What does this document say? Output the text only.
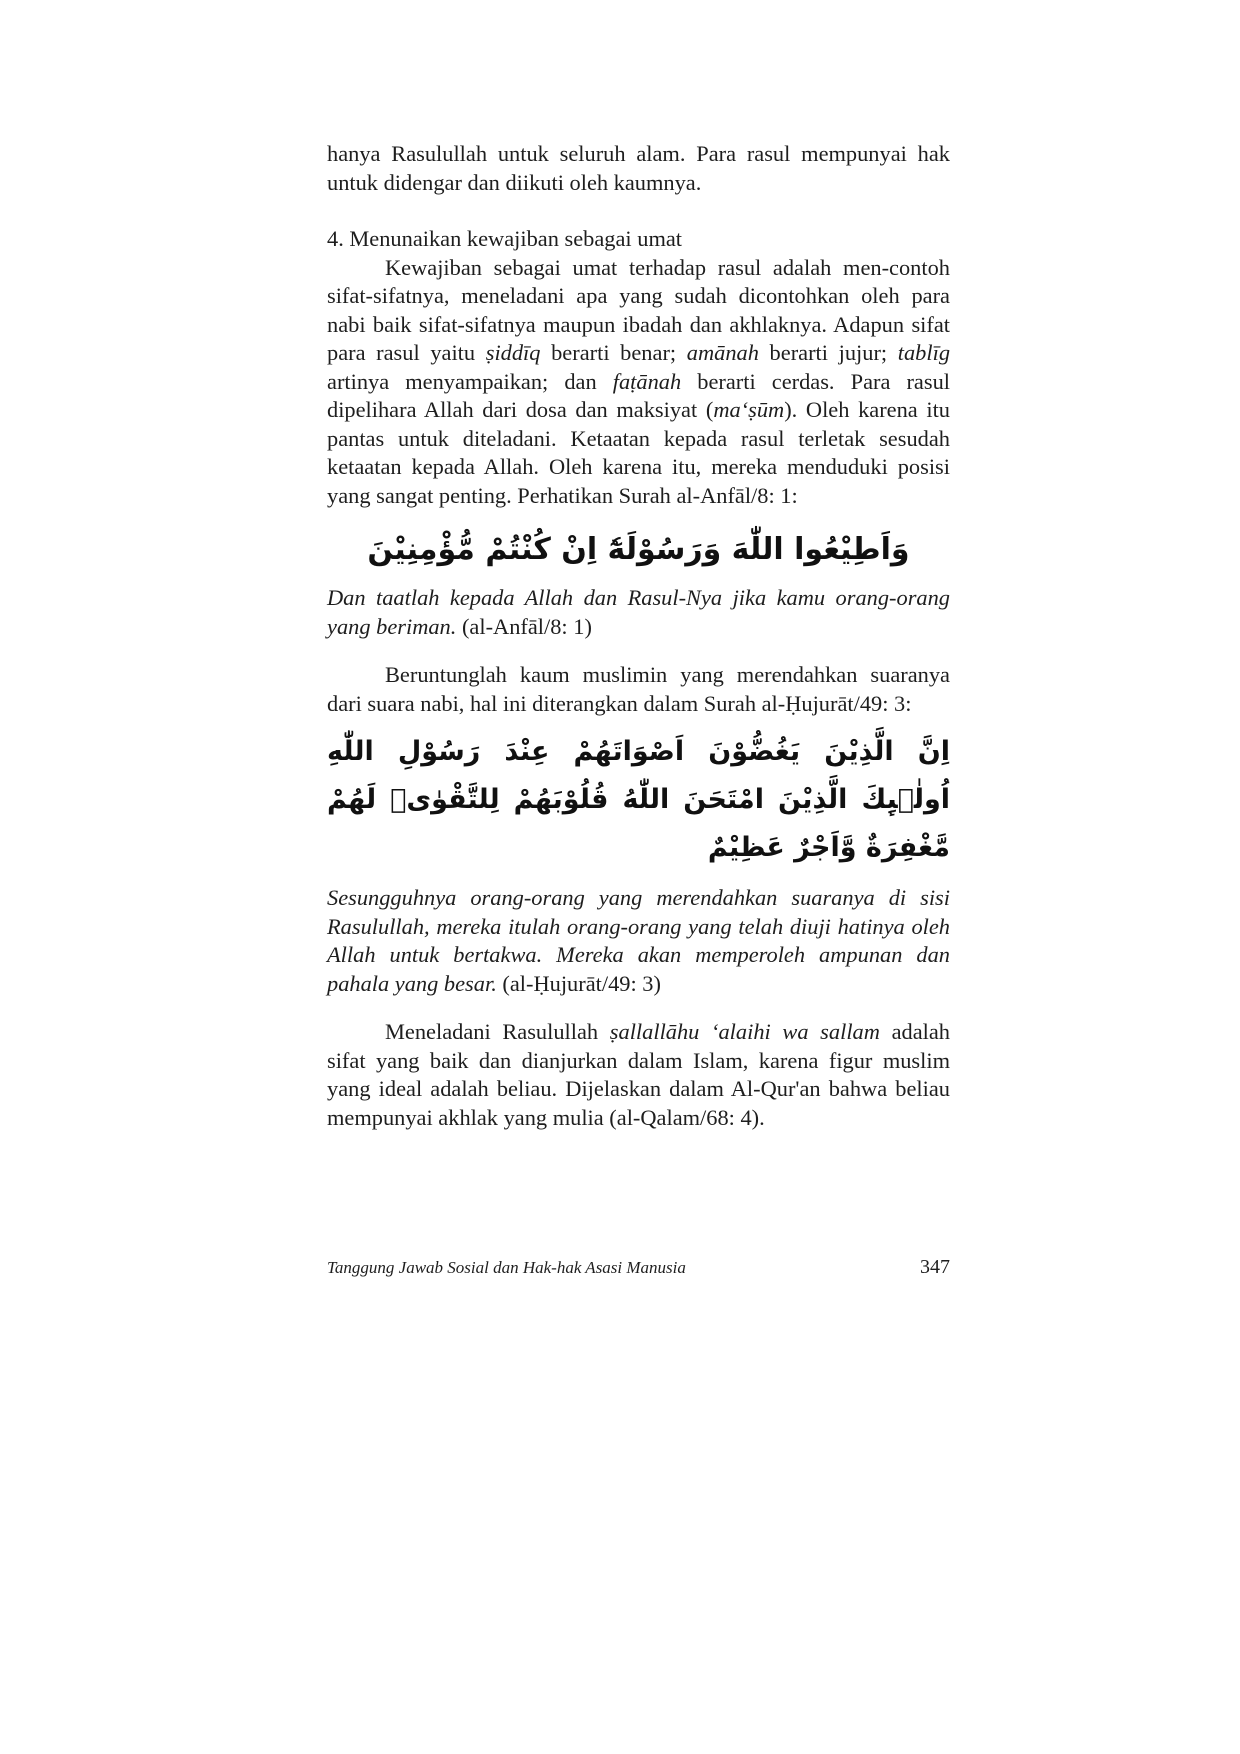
hanya Rasulullah untuk seluruh alam. Para rasul mempunyai hak untuk didengar dan diikuti oleh kaumnya.

4. Menunaikan kewajiban sebagai umat

Kewajiban sebagai umat terhadap rasul adalah men-contoh sifat-sifatnya, meneladani apa yang sudah dicontohkan oleh para nabi baik sifat-sifatnya maupun ibadah dan akhlaknya. Adapun sifat para rasul yaitu ṣiddīq berarti benar; amānah berarti jujur; tablīg artinya menyampaikan; dan faṭānah berarti cerdas. Para rasul dipelihara Allah dari dosa dan maksiyat (ma‘ṣūm). Oleh karena itu pantas untuk diteladani. Ketaatan kepada rasul terletak sesudah ketaatan kepada Allah. Oleh karena itu, mereka menduduki posisi yang sangat penting. Perhatikan Surah al-Anfāl/8: 1:

وَاَطِيْعُوا اللّٰهَ وَرَسُوْلَهٗٓ اِنْ كُنْتُمْ مُّؤْمِنِيْنَ

Dan taatlah kepada Allah dan Rasul-Nya jika kamu orang-orang yang beriman. (al-Anfāl/8: 1)

Beruntunglah kaum muslimin yang merendahkan suaranya dari suara nabi, hal ini diterangkan dalam Surah al-Ḥujurāt/49: 3:

اِنَّ الَّذِيْنَ يَغُضُّوْنَ اَصْوَاتَهُمْ عِنْدَ رَسُوْلِ اللّٰهِ اُولٰۤىِٕكَ الَّذِيْنَ امْتَحَنَ اللّٰهُ قُلُوْبَهُمْ لِلتَّقْوٰىۗ لَهُمْ مَّغْفِرَةٌ وَّاَجْرٌ عَظِيْمٌ

Sesungguhnya orang-orang yang merendahkan suaranya di sisi Rasulullah, mereka itulah orang-orang yang telah diuji hatinya oleh Allah untuk bertakwa. Mereka akan memperoleh ampunan dan pahala yang besar. (al-Ḥujurāt/49: 3)

Meneladani Rasulullah ṣallallāhu ‘alaihi wa sallam adalah sifat yang baik dan dianjurkan dalam Islam, karena figur muslim yang ideal adalah beliau. Dijelaskan dalam Al-Qur'an bahwa beliau mempunyai akhlak yang mulia (al-Qalam/68: 4).

Tanggung Jawab Sosial dan Hak-hak Asasi Manusia	347
